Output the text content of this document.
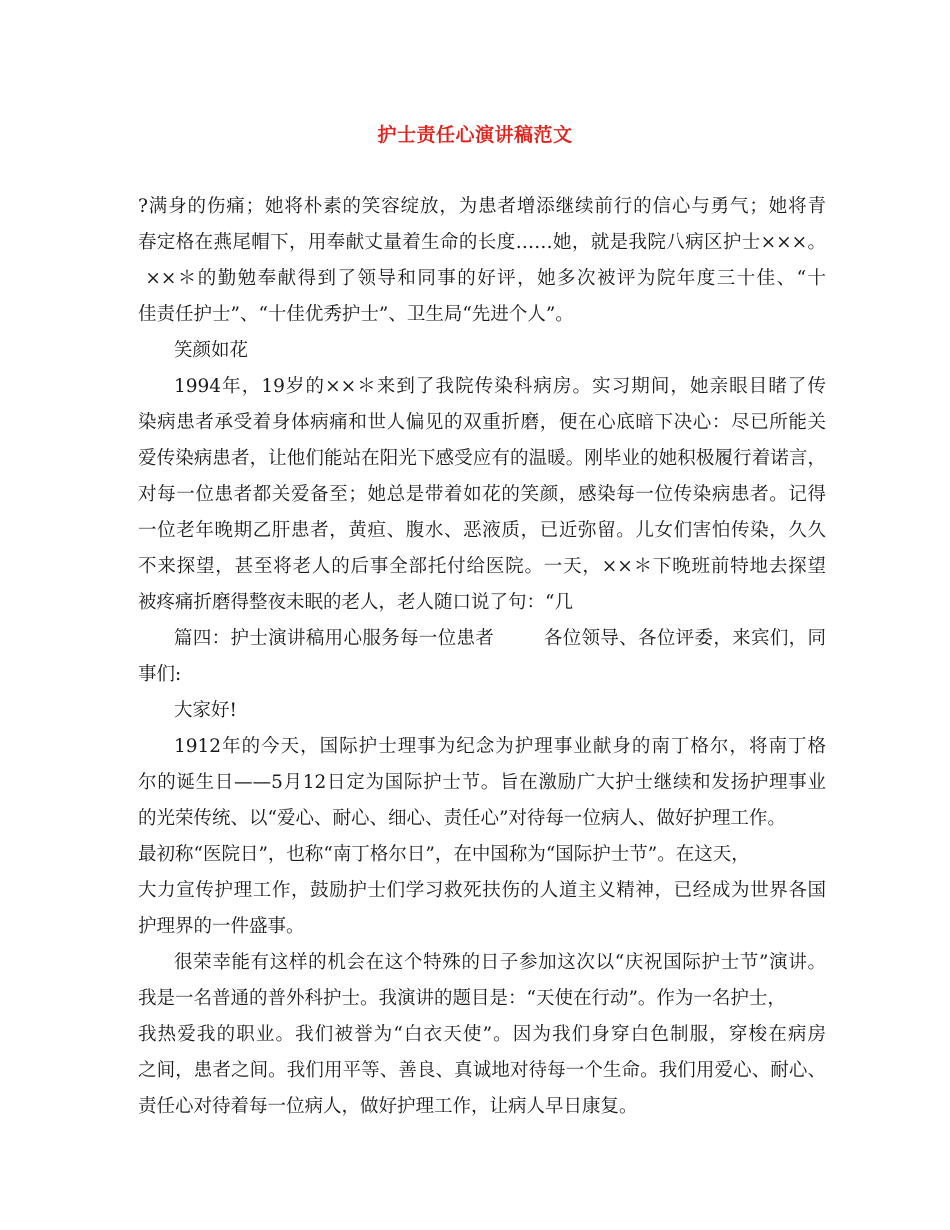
护士责任心演讲稿范文
?满身的伤痛；她将朴素的笑容绽放，为患者增添继续前行的信心与勇气；她将青
春定格在燕尾帽下，用奉献丈量着生命的长度……她，就是我院八病区护士×××。
××＊的勤勉奉献得到了领导和同事的好评，她多次被评为院年度三十佳、“十
佳责任护士”、“十佳优秀护士”、卫生局“先进个人”。
笑颜如花
1994年，19岁的××＊来到了我院传染科病房。实习期间，她亲眼目睹了传
染病患者承受着身体病痛和世人偏见的双重折磨，便在心底暗下决心：尽已所能关
爱传染病患者，让他们能站在阳光下感受应有的温暖。刚毕业的她积极履行着诺言，
对每一位患者都关爱备至；她总是带着如花的笑颜，感染每一位传染病患者。记得
一位老年晚期乙肝患者，黄疸、腹水、恶液质，已近弥留。儿女们害怕传染，久久
不来探望，甚至将老人的后事全部托付给医院。一天，××＊下晚班前特地去探望
被疼痛折磨得整夜未眠的老人，老人随口说了句：“几
篇四：护士演讲稿用心服务每一位患者        各位领导、各位评委，来宾们，同
事们:
大家好!
1912年的今天，国际护士理事为纪念为护理事业献身的南丁格尔，将南丁格
尔的诞生日——5月12日定为国际护士节。旨在激励广大护士继续和发扬护理事业
的光荣传统、以“爱心、耐心、细心、责任心”对待每一位病人、做好护理工作。
最初称“医院日”，也称“南丁格尔日”，在中国称为“国际护士节”。在这天，
大力宣传护理工作，鼓励护士们学习救死扶伤的人道主义精神，已经成为世界各国
护理界的一件盛事。
很荣幸能有这样的机会在这个特殊的日子参加这次以“庆祝国际护士节”演讲。
我是一名普通的普外科护士。我演讲的题目是：“天使在行动”。作为一名护士，
我热爱我的职业。我们被誉为“白衣天使”。因为我们身穿白色制服，穿梭在病房
之间，患者之间。我们用平等、善良、真诚地对待每一个生命。我们用爱心、耐心、
责任心对待着每一位病人，做好护理工作，让病人早日康复。
